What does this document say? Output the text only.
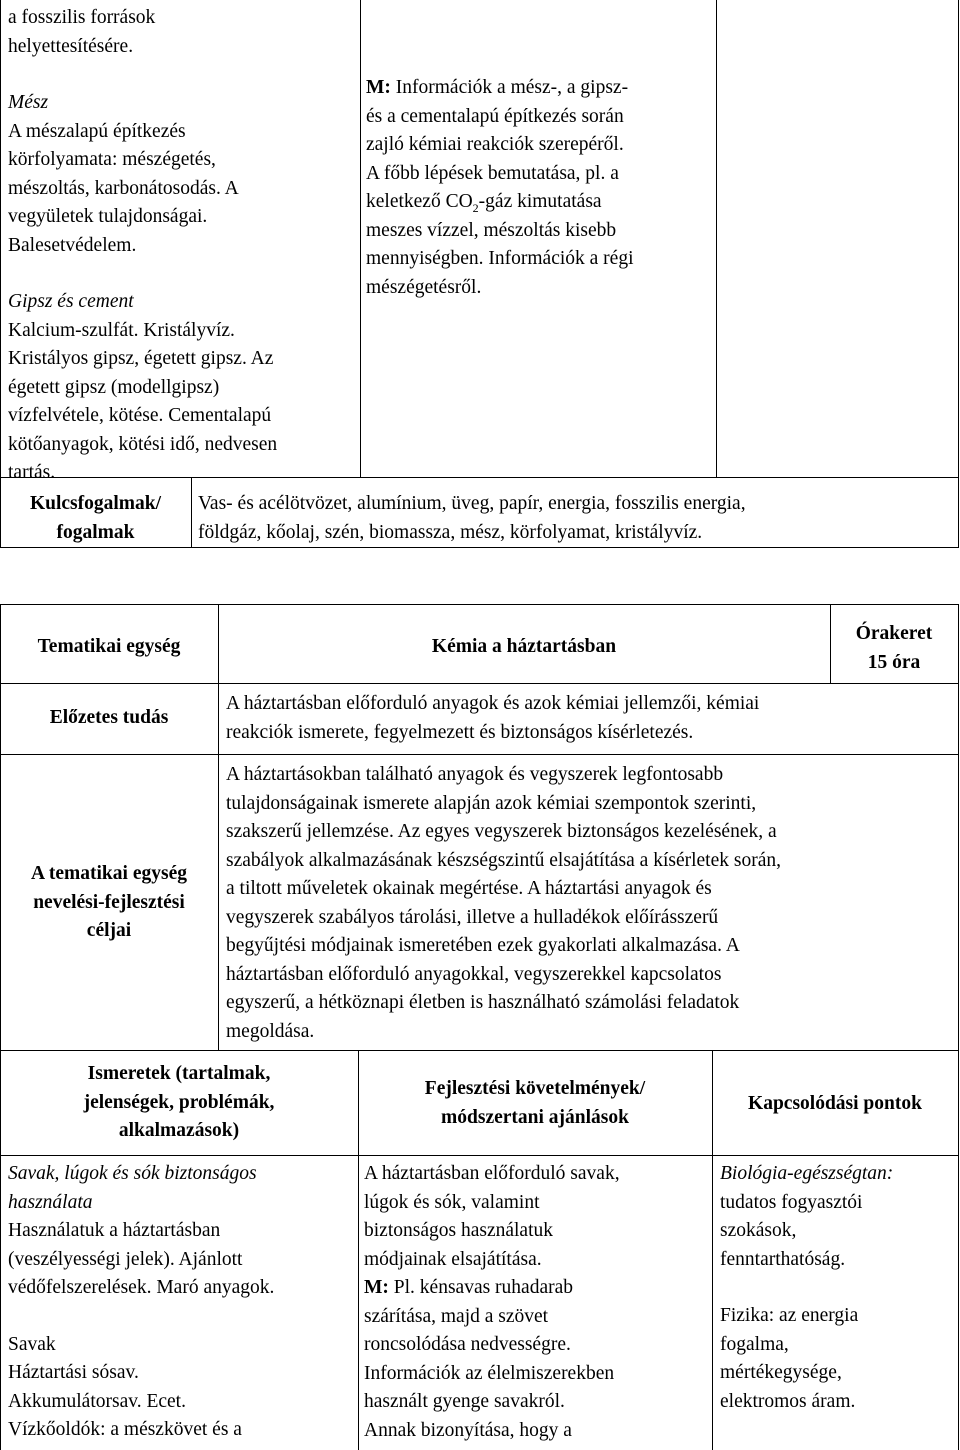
a fosszilis források
helyettesítésére.

Mész

A mészalapú építkezés
körfolyamata: mészégetés,
mészoltás, karbonátosodás. A
vegyületek tulajdonságai.
Balesetvédelem.

Gipsz és cement

Kalcium-szulfát. Kristályvíz.
Kristályos gipsz, égetett gipsz. Az
égetett gipsz (modellgipsz)
vízfelvétele, kötése. Cementalapú
kötőanyagok, kötési idő, nedvesen
tartás.

M: Információk a mész-, a gipsz-
és a cementalapú építkezés során
zajló kémiai reakciók szerepéről.
A főbb lépések bemutatása, pl. a
keletkező $CO_2$-gáz kimutatása
meszes vízzel, mészoltás kisebb
mennyiségben. Információk a régi
mészégetésről.

Kulcsfogalmak/
fogalmak

Vas- és acélötvözet, alumínium, üveg, papír, energia, fosszilis energia,
földgáz, kőolaj, szén, biomassza, mész, körfolyamat, kristályvíz.

Tematikai egység	Kémia a háztartásban

Órakeret

15 óra

Előzetes tudás

A háztartásban előforduló anyagok és azok kémiai jellemzői, kémiai
reakciók ismerete, fegyelmezett és biztonságos kísérletezés.

A tematikai egység
nevelési-fejlesztési
céljai

A háztartásokban található anyagok és vegyszerek legfontosabb
tulajdonságainak ismerete alapján azok kémiai szempontok szerinti,
szakszerű jellemzése. Az egyes vegyszerek biztonságos kezelésének, a
szabályok alkalmazásának készségszintű elsajátítása a kísérletek során,
a tiltott műveletek okainak megértése. A háztartási anyagok és
vegyszerek szabályos tárolási, illetve a hulladékok előírásszerű
begyűjtési módjainak ismeretében ezek gyakorlati alkalmazása. A
háztartásban előforduló anyagokkal, vegyszerekkel kapcsolatos
egyszerű, a hétköznapi életben is használható számolási feladatok
megoldása.

Ismeretek (tartalmak,
jelenségek, problémák,
alkalmazások)

Fejlesztési követelmények/
módszertani ajánlások

Kapcsolódási pontok

Savak, lúgok és sók biztonságos
használata

Használatuk a háztartásban
(veszélyességi jelek). Ajánlott
védőfelszerelések. Maró anyagok.

Savak
Háztartási sósav.
Akkumulátorsav. Ecet.
Vízkőoldók: a mészkövet és a

A háztartásban előforduló savak,
lúgok és sók, valamint
biztonságos használatuk
módjainak elsajátítása.

M: Pl. kénsavas ruhadarab
szárítása, majd a szövet
roncsolódása nedvességre.
Információk az élelmiszerekben
használt gyenge savakról.
Annak bizonyítása, hogy a

Biológia-egészségtan:

tudatos fogyasztói
szokások,
fenntarthatóság.

Fizika: az energia
fogalma,
mértékegysége,
elektromos áram.
